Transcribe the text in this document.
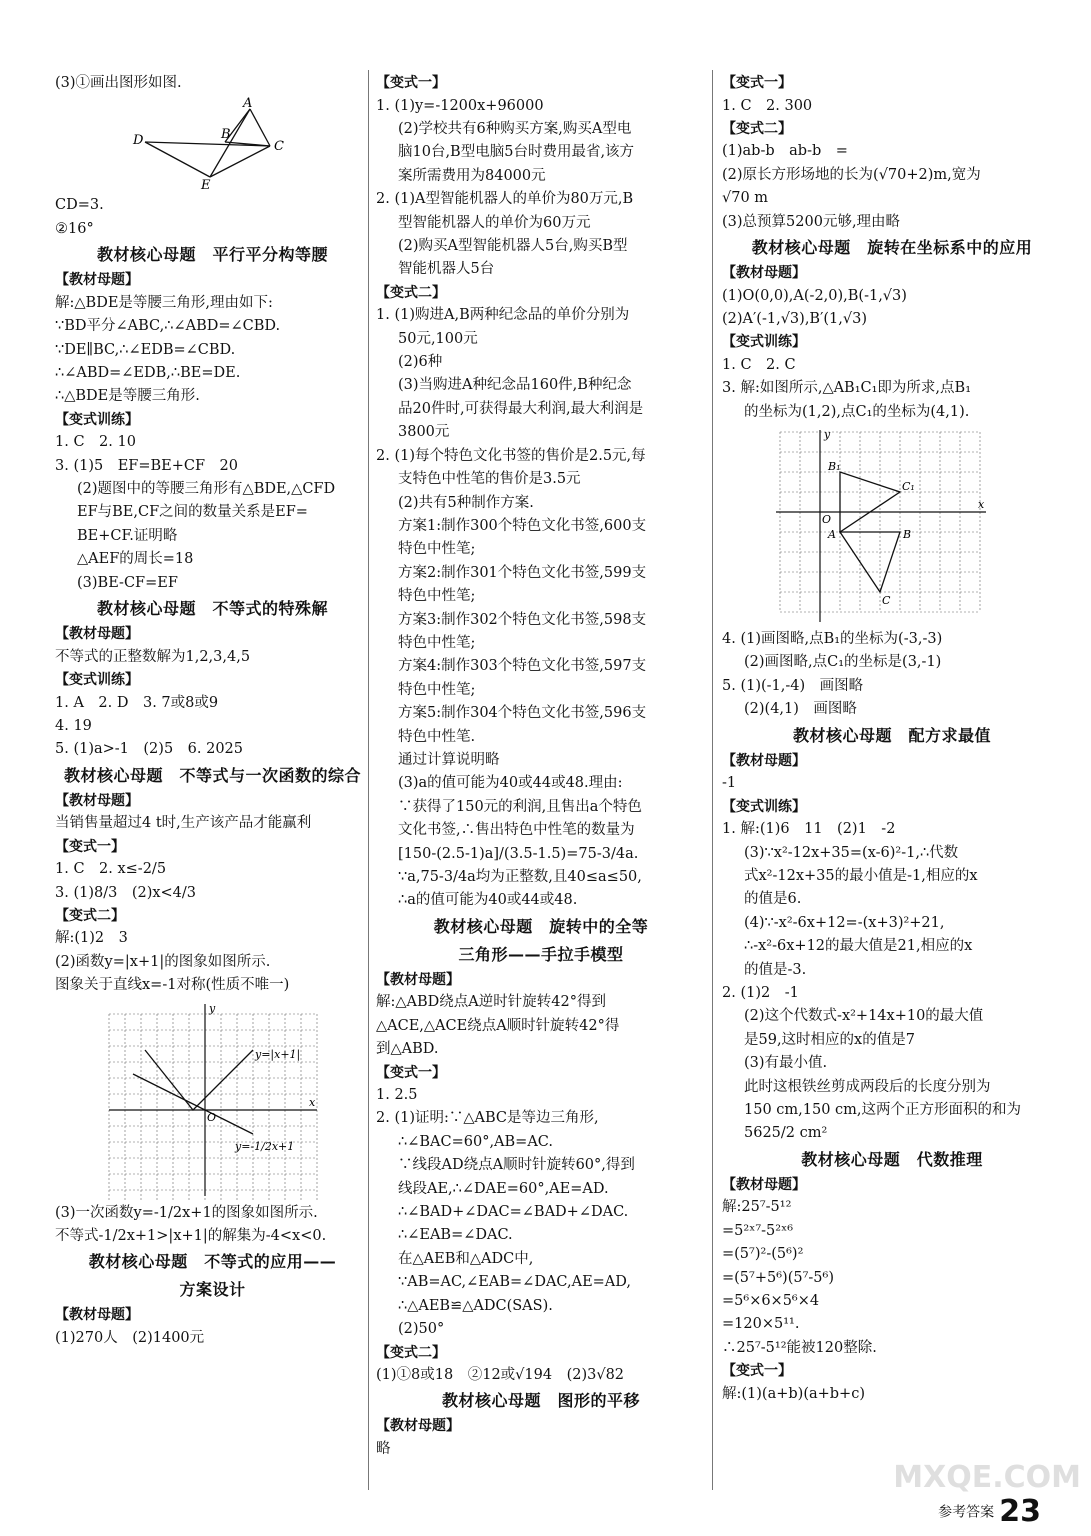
(3)①画出图形如图.
A
B
C
D
E
CD=3.
②16°
教材核心母题　平行平分构等腰
【教材母题】
解:△BDE是等腰三角形,理由如下:
∵BD平分∠ABC,∴∠ABD=∠CBD.
∵DE∥BC,∴∠EDB=∠CBD.
∴∠ABD=∠EDB,∴BE=DE.
∴△BDE是等腰三角形.
【变式训练】
1. C　2. 10
3. (1)5　EF=BE+CF　20
(2)题图中的等腰三角形有△BDE,△CFD
EF与BE,CF之间的数量关系是EF=
BE+CF.证明略
△AEF的周长=18
(3)BE-CF=EF
教材核心母题　不等式的特殊解
【教材母题】
不等式的正整数解为1,2,3,4,5
【变式训练】
1. A　2. D　3. 7或8或9
4. 19
5. (1)a>-1　(2)5　6. 2025
教材核心母题　不等式与一次函数的综合
【教材母题】
当销售量超过4 t时,生产该产品才能赢利
【变式一】
1. C　2. x≤-2/5
3. (1)8/3　(2)x<4/3
【变式二】
解:(1)2　3
(2)函数y=|x+1|的图象如图所示.
图象关于直线x=-1对称(性质不唯一)
x
y
O
y=|x+1|
y=-1/2x+1
(3)一次函数y=-1/2x+1的图象如图所示.
不等式-1/2x+1>|x+1|的解集为-4<x<0.
教材核心母题　不等式的应用——
方案设计
【教材母题】
(1)270人　(2)1400元
【变式一】
1. (1)y=-1200x+96000
(2)学校共有6种购买方案,购买A型电
脑10台,B型电脑5台时费用最省,该方
案所需费用为84000元
2. (1)A型智能机器人的单价为80万元,B
型智能机器人的单价为60万元
(2)购买A型智能机器人5台,购买B型
智能机器人5台
【变式二】
1. (1)购进A,B两种纪念品的单价分别为
50元,100元
(2)6种
(3)当购进A种纪念品160件,B种纪念
品20件时,可获得最大利润,最大利润是
3800元
2. (1)每个特色文化书签的售价是2.5元,每
支特色中性笔的售价是3.5元
(2)共有5种制作方案.
方案1:制作300个特色文化书签,600支
特色中性笔;
方案2:制作301个特色文化书签,599支
特色中性笔;
方案3:制作302个特色文化书签,598支
特色中性笔;
方案4:制作303个特色文化书签,597支
特色中性笔;
方案5:制作304个特色文化书签,596支
特色中性笔.
通过计算说明略
(3)a的值可能为40或44或48.理由:
∵获得了150元的利润,且售出a个特色
文化书签,∴售出特色中性笔的数量为
[150-(2.5-1)a]/(3.5-1.5)=75-3/4a.
∵a,75-3/4a均为正整数,且40≤a≤50,
∴a的值可能为40或44或48.
教材核心母题　旋转中的全等
三角形——手拉手模型
【教材母题】
解:△ABD绕点A逆时针旋转42°得到
△ACE,△ACE绕点A顺时针旋转42°得
到△ABD.
【变式一】
1. 2.5
2. (1)证明:∵△ABC是等边三角形,
∴∠BAC=60°,AB=AC.
∵线段AD绕点A顺时针旋转60°,得到
线段AE,∴∠DAE=60°,AE=AD.
∴∠BAD+∠DAC=∠BAD+∠DAC.
∴∠EAB=∠DAC.
在△AEB和△ADC中,
∵AB=AC,∠EAB=∠DAC,AE=AD,
∴△AEB≌△ADC(SAS).
(2)50°
【变式二】
(1)①8或18　②12或√194　(2)3√82
教材核心母题　图形的平移
【教材母题】
略
【变式一】
1. C　2. 300
【变式二】
(1)ab-b　ab-b　=
(2)原长方形场地的长为(√70+2)m,宽为
√70 m
(3)总预算5200元够,理由略
教材核心母题　旋转在坐标系中的应用
【教材母题】
(1)O(0,0),A(-2,0),B(-1,√3)
(2)A′(-1,√3),B′(1,√3)
【变式训练】
1. C　2. C
3. 解:如图所示,△AB₁C₁即为所求,点B₁
的坐标为(1,2),点C₁的坐标为(4,1).
x
y
O
A	B
C
B₁
C₁
4. (1)画图略,点B₁的坐标为(-3,-3)
(2)画图略,点C₁的坐标是(3,-1)
5. (1)(-1,-4)　画图略
(2)(4,1)　画图略
教材核心母题　配方求最值
【教材母题】
-1
【变式训练】
1. 解:(1)6　11　(2)1　-2
(3)∵x²-12x+35=(x-6)²-1,∴代数
式x²-12x+35的最小值是-1,相应的x
的值是6.
(4)∵-x²-6x+12=-(x+3)²+21,
∴-x²-6x+12的最大值是21,相应的x
的值是-3.
2. (1)2　-1
(2)这个代数式-x²+14x+10的最大值
是59,这时相应的x的值是7
(3)有最小值.
此时这根铁丝剪成两段后的长度分别为
150 cm,150 cm,这两个正方形面积的和为
5625/2 cm²
教材核心母题　代数推理
【教材母题】
解:25⁷-5¹²
=5²ˣ⁷-5²ˣ⁶
=(5⁷)²-(5⁶)²
=(5⁷+5⁶)(5⁷-5⁶)
=5⁶×6×5⁶×4
=120×5¹¹.
∴25⁷-5¹²能被120整除.
【变式一】
解:(1)(a+b)(a+b+c)
MXQE.COM
参考答案 23
